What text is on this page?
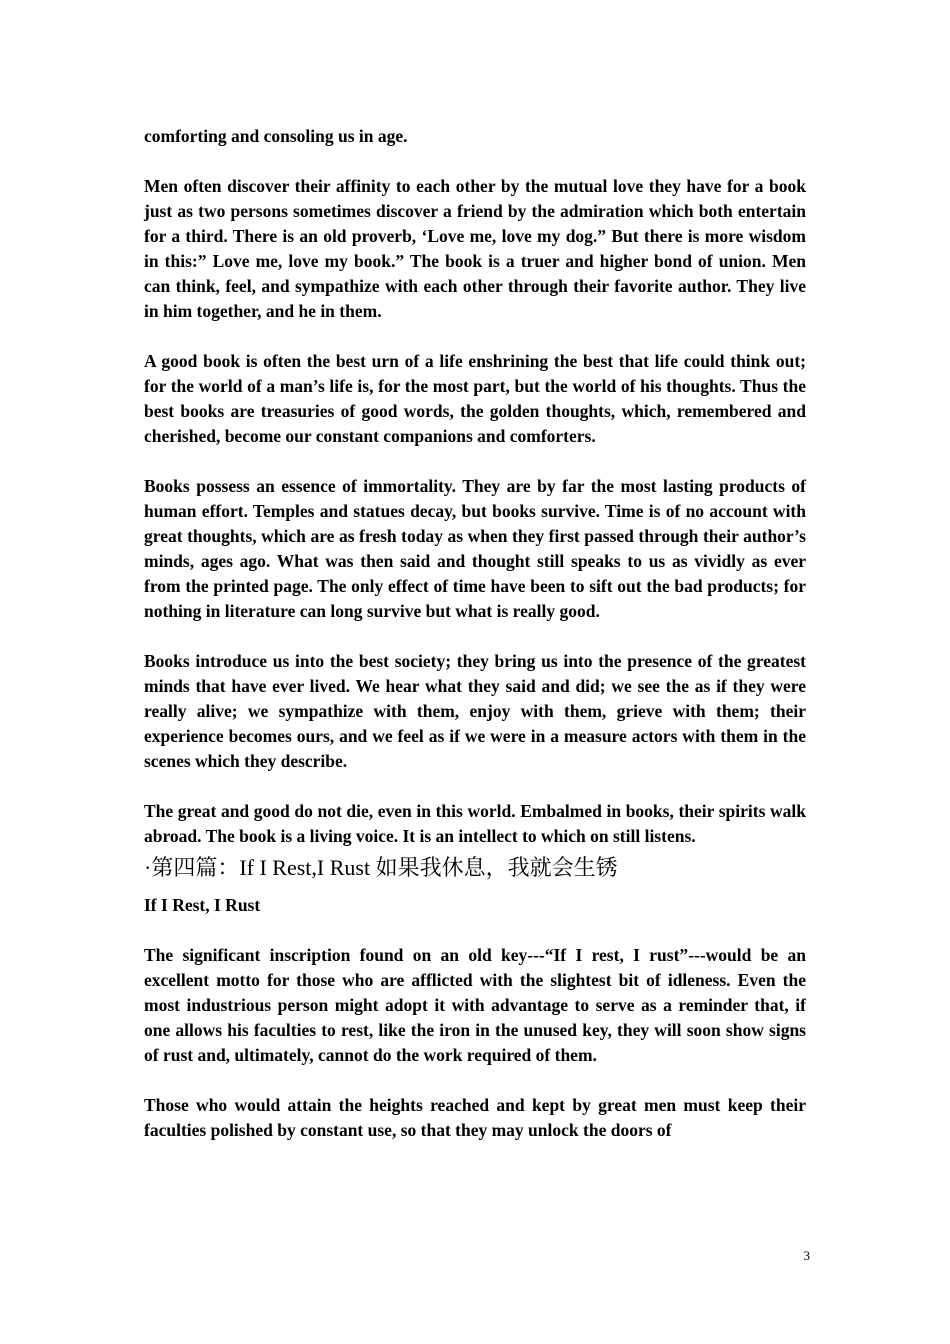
comforting and consoling us in age.

Men often discover their affinity to each other by the mutual love they have for a book just as two persons sometimes discover a friend by the admiration which both entertain for a third. There is an old proverb, ‘Love me, love my dog.” But there is more wisdom in this:” Love me, love my book.” The book is a truer and higher bond of union. Men can think, feel, and sympathize with each other through their favorite author. They live in him together, and he in them.

A good book is often the best urn of a life enshrining the best that life could think out; for the world of a man’s life is, for the most part, but the world of his thoughts. Thus the best books are treasuries of good words, the golden thoughts, which, remembered and cherished, become our constant companions and comforters.

Books possess an essence of immortality. They are by far the most lasting products of human effort. Temples and statues decay, but books survive. Time is of no account with great thoughts, which are as fresh today as when they first passed through their author’s minds, ages ago. What was then said and thought still speaks to us as vividly as ever from the printed page. The only effect of time have been to sift out the bad products; for nothing in literature can long survive but what is really good.

Books introduce us into the best society; they bring us into the presence of the greatest minds that have ever lived. We hear what they said and did; we see the as if they were really alive; we sympathize with them, enjoy with them, grieve with them; their experience becomes ours, and we feel as if we were in a measure actors with them in the scenes which they describe.

The great and good do not die, even in this world. Embalmed in books, their spirits walk abroad. The book is a living voice. It is an intellect to which on still listens.

·第四篇：If I Rest,I Rust 如果我休息，我就会生锈

If I Rest, I Rust

The significant inscription found on an old key---“If I rest, I rust”---would be an excellent motto for those who are afflicted with the slightest bit of idleness. Even the most industrious person might adopt it with advantage to serve as a reminder that, if one allows his faculties to rest, like the iron in the unused key, they will soon show signs of rust and, ultimately, cannot do the work required of them.

Those who would attain the heights reached and kept by great men must keep their faculties polished by constant use, so that they may unlock the doors of

3
